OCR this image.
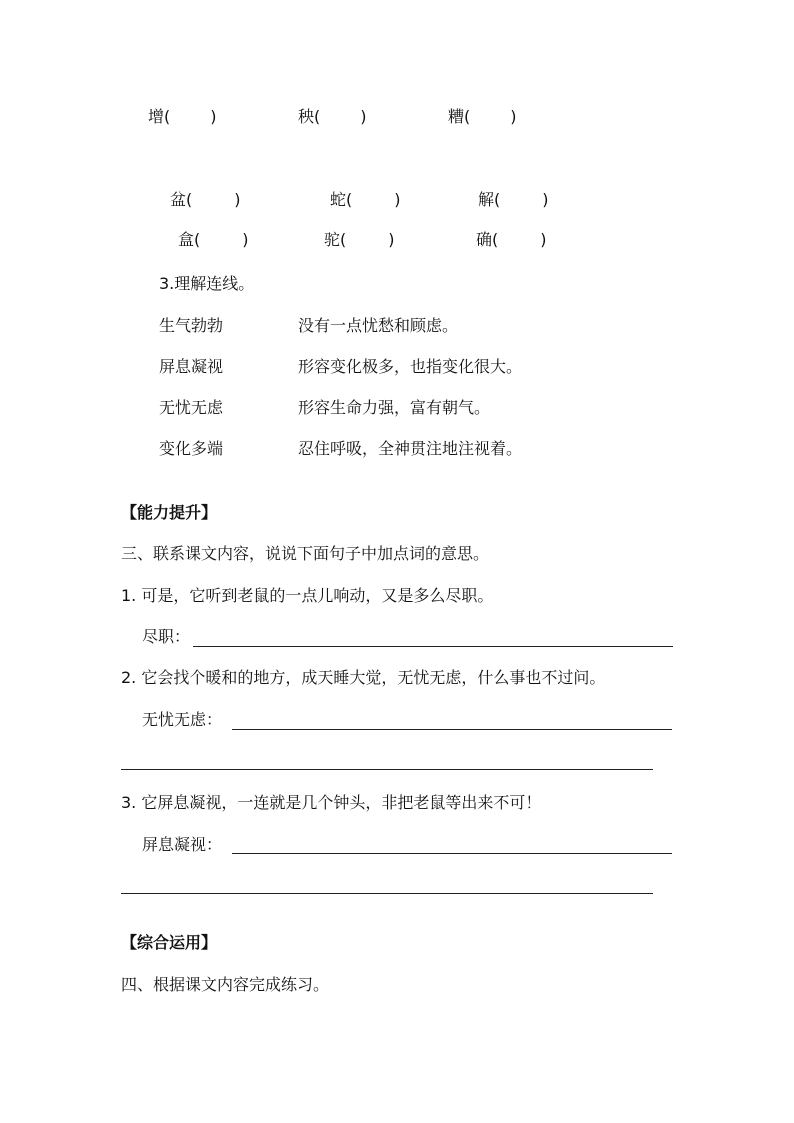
增(	)	秧(	)	糟(	)
盆(	)	蛇(	)	解(	)
盒(	)	驼(	)	确(	)
3.理解连线。
生气勃勃	没有一点忧愁和顾虑。
屏息凝视	形容变化极多，也指变化很大。
无忧无虑	形容生命力强，富有朝气。
变化多端	忍住呼吸，全神贯注地注视着。
【能力提升】
三、联系课文内容，说说下面句子中加点词的意思。
1. 可是，它听到老鼠的一点儿响动，又是多么尽职。
尽职：
2. 它会找个暖和的地方，成天睡大觉，无忧无虑，什么事也不过问。
无忧无虑：
3. 它屏息凝视，一连就是几个钟头，非把老鼠等出来不可！
屏息凝视：
【综合运用】
四、根据课文内容完成练习。
